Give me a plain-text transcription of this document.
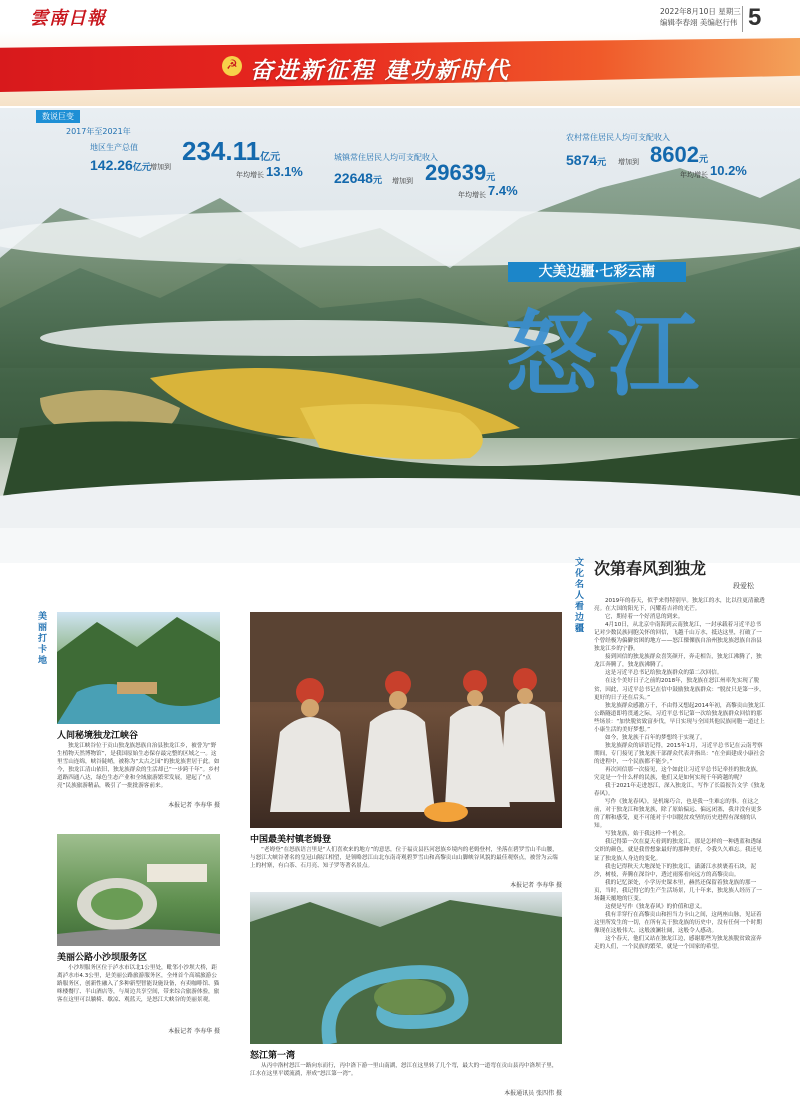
雲南日報	2022年8月10日 星期三
编辑李春翊 美编赵行伟 5
☭ 奋进新征程 建功新时代
数说巨变
2017年至2021年
地区生产总值
142.26亿元 增加到
234.11亿元
年均增长 13.1%
城镇常住居民人均可支配收入
22648元 增加到 29639元
年均增长 7.4%
农村常住居民人均可支配收入
5874元 增加到 8602元
年均增长 10.2%
大美边疆·七彩云南
怒江
文化名人看边疆
次第春风到独龙
段爱松

2019年的春天，似乎来得特别早。独龙江的水，比以往更清澈透亮。在大国的阳光下，闪耀着吉祥的光芒。

它，期待着一个好消息的到来。

4月10日，从北京中南海到云南独龙江，一封承载着习近平总书记对少数民族同胞关怀的回信，飞越千山万水，抵达这里，打破了一个曾经极为偏僻贫困的地方——怒江傈僳族自治州独龙族怒族自治县独龙江乡的宁静。

接到回信的独龙族群众喜笑颜开，奔走相告，独龙江沸腾了，独龙江奔腾了，独龙族沸腾了。

这是习近平总书记给独龙族群众的第二次回信。

在这个美好日子之前的2018年，独龙族在怒江州率先实现了脱贫，因此，习近平总书记在信中鼓励独龙族群众：“脱贫只是第一步，更好的日子还在后头。”

独龙族群众感激万千，不由得又想起2014年初，高黎贡山独龙江公路隧道即将贯通之际，习近平总书记第一次给独龙族群众回信的那些场景：“加快脱贫致富步伐，早日实现与全国其他民族同胞一道过上小康生活的美好梦想。”

如今，独龙族千百年的梦想终于实现了。

独龙族群众的谚语记得，2015年1月，习近平总书记在云南考察期间，专门接见了独龙族干部群众代表并指出：“在全面建成小康社会的进程中，一个民族都不能少。”

再次回信那一次接见，这个如此让习近平总书记牵挂的独龙族，究竟是一个什么样的民族，他们又是如何实现千年跨越的呢？

我于2021年走进怒江，深入独龙江，写作了长篇报告文学《独龙春风》。

写作《独龙春风》，是机缘巧合，也是我一生难忘的事。在这之前，对于独龙江和独龙族，除了原始偏远、偏远闭塞，我并没有更多的了解和感受，更不可能对于中国脱贫攻坚的历史进程有深刻的认知。

写独龙族，始于我这样一个机会。

我记得第一次在夏天看到的独龙江，那是怎样的一种透蓝和透绿交织的颜色，就是我曾想象最好的那种美好，令我久久难忘。我还见证了独龙族人身边的变化。

我也记得秋天大地深处下的独龙江，潇潇江水挟裹着石块，泥沙，树枝，奔腾在深谷中，透过雨雾看向远方的高黎贡山。

我的记忆深处，小学历史课本里，赫然还保留着独龙族的那一页，当时，我记得它的生产生活场景，几十年来，独龙族人经历了一场翻天覆地的巨变。

这便是写作《独龙春风》的价值和意义。

我有幸穿行在高黎贡山和担当力卡山之间，这两座山脉，见证着这里所发生的一切，在所有关于独龙族的历史中，没有任何一个时期像现在这般伟大、这般波澜壮阔，这般令人感动。

这个春天，他们又站在独龙江边，感谢那些为独龙族脱贫致富奔走的人们，一个民族的繁荣，就是一个国家的希望。

美丽打卡地
人间秘境独龙江峡谷
独龙江峡谷位于贡山独龙族怒族自治县独龙江乡，被誉为“野生植物天然博物馆”，是我国原始生态保存最完整的区域之一。这里雪山连绵，峡谷陡峭，被称为“太古之园”的独龙族世居于此。如今，独龙江清山依旧，独龙族群众的生活却已“一步跨千年”。乡村道路四通八达，绿色生态产业和全域旅游繁荣发展，建起了“点亮”民族旅游精品，吸引了一批批游客前来。
本报记者 李寿华 摄
美丽公路小沙坝服务区
小沙坝服务区位于泸水市以北1公里处，毗邻小沙坝大桥，距离泸水市4.3公里，是美丽公路旅游服务区，全州首个高端旅游公路服务区，创新性融入了多种新型智能设施设备，有卖咖啡馆、猫咪楼餐厅、半山酒店等，与周边共享空间，带来综合旅游体验，旅客在这里可以躺椅、歇凉、观蓝天，是怒江大峡谷的美丽景观。
本报记者 李寿华 摄
中国最美村镇老姆登
“老姆登”在怒族语言里是“人们喜欢来的地方”的意思，位于福贡县匹河怒族乡境内的老姆登村，坐落在碧罗雪山半山腰，与怒江大峡谷著名的皇冠山隔江相望，是领略怒江山北东南奇观碧罗雪山和高黎贡山山脚峡谷风貌的最佳观察点，被誉为云端上的村寨，有白茶、石月亮、知子罗等著名景点。
本报记者 李寿华 摄
怒江第一湾
从丙中洛村怒江一路向东而行，丙中洛下游一里山南湖，怒江在这里转了几个弯，最大的一道弯在贡山县丙中洛坝子里，江水在这里平缓流淌，形成“怒江第一湾”。
本报通讯员 张四伟 摄
